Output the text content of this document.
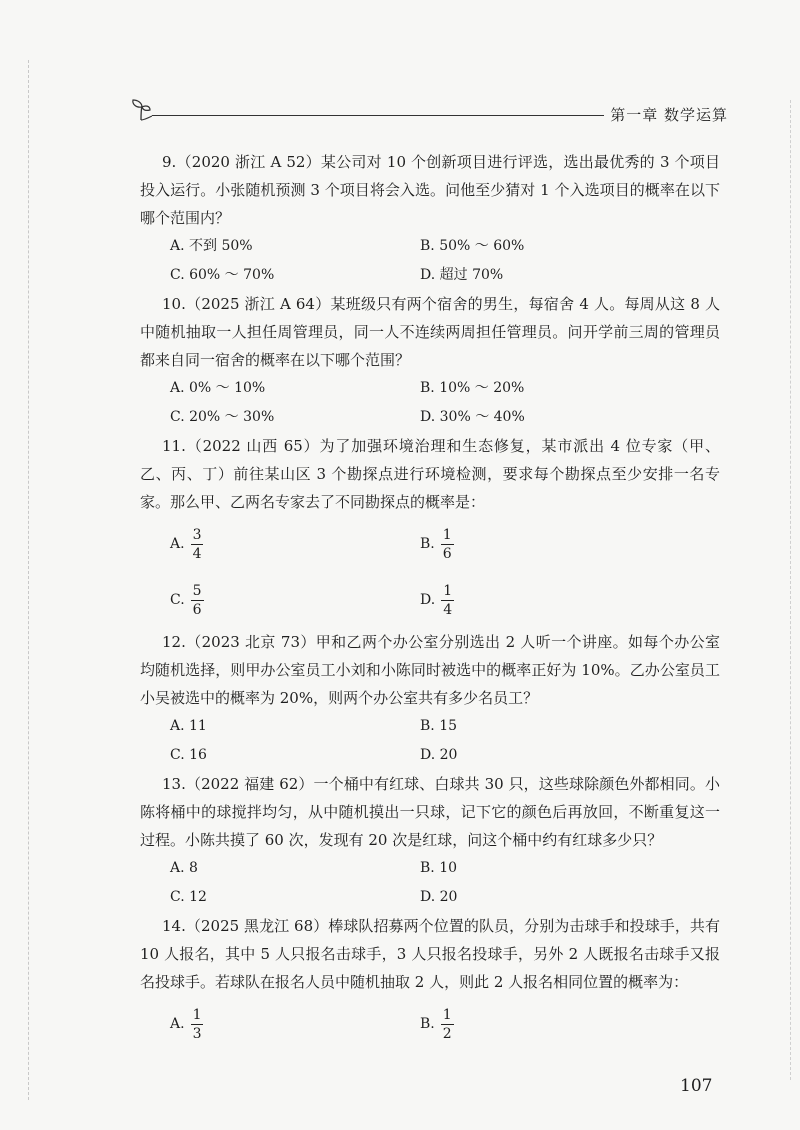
第一章 数学运算

9.（2020 浙江 A 52）某公司对 10 个创新项目进行评选，选出最优秀的 3 个项目投入运行。小张随机预测 3 个项目将会入选。问他至少猜对 1 个入选项目的概率在以下哪个范围内？

A. 不到 50%	B. 50% ～ 60%
C. 60% ～ 70%	D. 超过 70%

10.（2025 浙江 A 64）某班级只有两个宿舍的男生，每宿舍 4 人。每周从这 8 人中随机抽取一人担任周管理员，同一人不连续两周担任管理员。问开学前三周的管理员都来自同一宿舍的概率在以下哪个范围？

A. 0% ～ 10%	B. 10% ～ 20%
C. 20% ～ 30%	D. 30% ～ 40%

11.（2022 山西 65）为了加强环境治理和生态修复，某市派出 4 位专家（甲、乙、丙、丁）前往某山区 3 个勘探点进行环境检测，要求每个勘探点至少安排一名专家。那么甲、乙两名专家去了不同勘探点的概率是：

A. $\frac{3}{4}$	B. $\frac{1}{6}$
C. $\frac{5}{6}$	D. $\frac{1}{4}$

12.（2023 北京 73）甲和乙两个办公室分别选出 2 人听一个讲座。如每个办公室均随机选择，则甲办公室员工小刘和小陈同时被选中的概率正好为 10%。乙办公室员工小吴被选中的概率为 20%，则两个办公室共有多少名员工？

A. 11	B. 15
C. 16	D. 20

13.（2022 福建 62）一个桶中有红球、白球共 30 只，这些球除颜色外都相同。小陈将桶中的球搅拌均匀，从中随机摸出一只球，记下它的颜色后再放回，不断重复这一过程。小陈共摸了 60 次，发现有 20 次是红球，问这个桶中约有红球多少只？

A. 8	B. 10
C. 12	D. 20

14.（2025 黑龙江 68）棒球队招募两个位置的队员，分别为击球手和投球手，共有 10 人报名，其中 5 人只报名击球手，3 人只报名投球手，另外 2 人既报名击球手又报名投球手。若球队在报名人员中随机抽取 2 人，则此 2 人报名相同位置的概率为：

A. $\frac{1}{3}$	B. $\frac{1}{2}$
107
